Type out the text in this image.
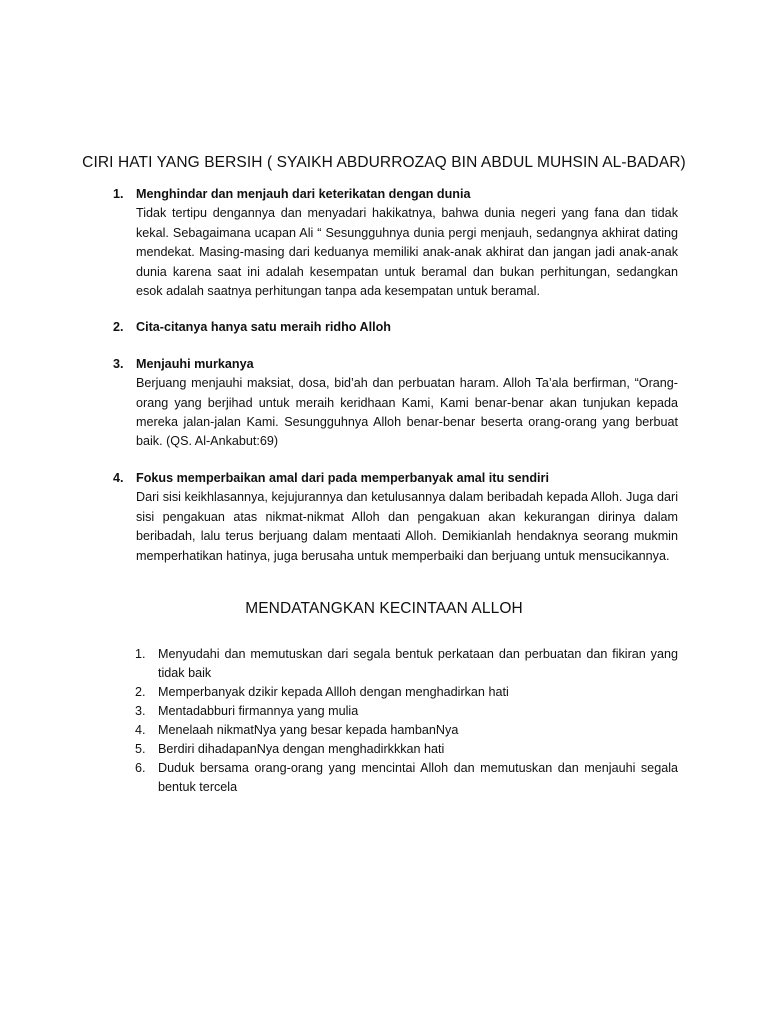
CIRI HATI YANG BERSIH ( SYAIKH ABDURROZAQ BIN ABDUL MUHSIN AL-BADAR)
1. Menghindar dan menjauh dari keterikatan dengan dunia
Tidak tertipu dengannya dan menyadari hakikatnya, bahwa dunia negeri yang fana dan tidak kekal. Sebagaimana ucapan Ali “ Sesungguhnya dunia pergi menjauh, sedangnya akhirat dating mendekat. Masing-masing dari keduanya memiliki anak-anak akhirat dan jangan jadi anak-anak dunia karena saat ini adalah kesempatan untuk beramal dan bukan perhitungan, sedangkan esok adalah saatnya perhitungan tanpa ada kesempatan untuk beramal.
2. Cita-citanya hanya satu meraih ridho Alloh
3. Menjauhi murkanya
Berjuang menjauhi maksiat, dosa, bid’ah dan perbuatan haram. Alloh Ta’ala berfirman, “Orang-orang yang berjihad untuk meraih keridhaan Kami, Kami benar-benar akan tunjukan kepada mereka jalan-jalan Kami. Sesungguhnya Alloh benar-benar beserta orang-orang yang berbuat baik. (QS. Al-Ankabut:69)
4. Fokus memperbaikan amal dari pada memperbanyak amal itu sendiri
Dari sisi keikhlasannya, kejujurannya dan ketulusannya dalam beribadah kepada Alloh. Juga dari sisi pengakuan atas nikmat-nikmat Alloh dan pengakuan akan kekurangan dirinya dalam beribadah, lalu terus berjuang dalam mentaati Alloh. Demikianlah hendaknya seorang mukmin memperhatikan hatinya, juga berusaha untuk memperbaiki dan berjuang untuk mensucikannya.
MENDATANGKAN KECINTAAN ALLOH
1. Menyudahi dan memutuskan dari segala bentuk perkataan dan perbuatan dan fikiran yang tidak baik
2. Memperbanyak dzikir kepada Allloh dengan menghadirkan hati
3. Mentadabburi firmannya yang mulia
4. Menelaah nikmatNya yang besar kepada hambanNya
5. Berdiri dihadapanNya dengan menghadirkkkan hati
6. Duduk bersama orang-orang yang mencintai Alloh dan memutuskan dan menjauhi segala bentuk tercela
